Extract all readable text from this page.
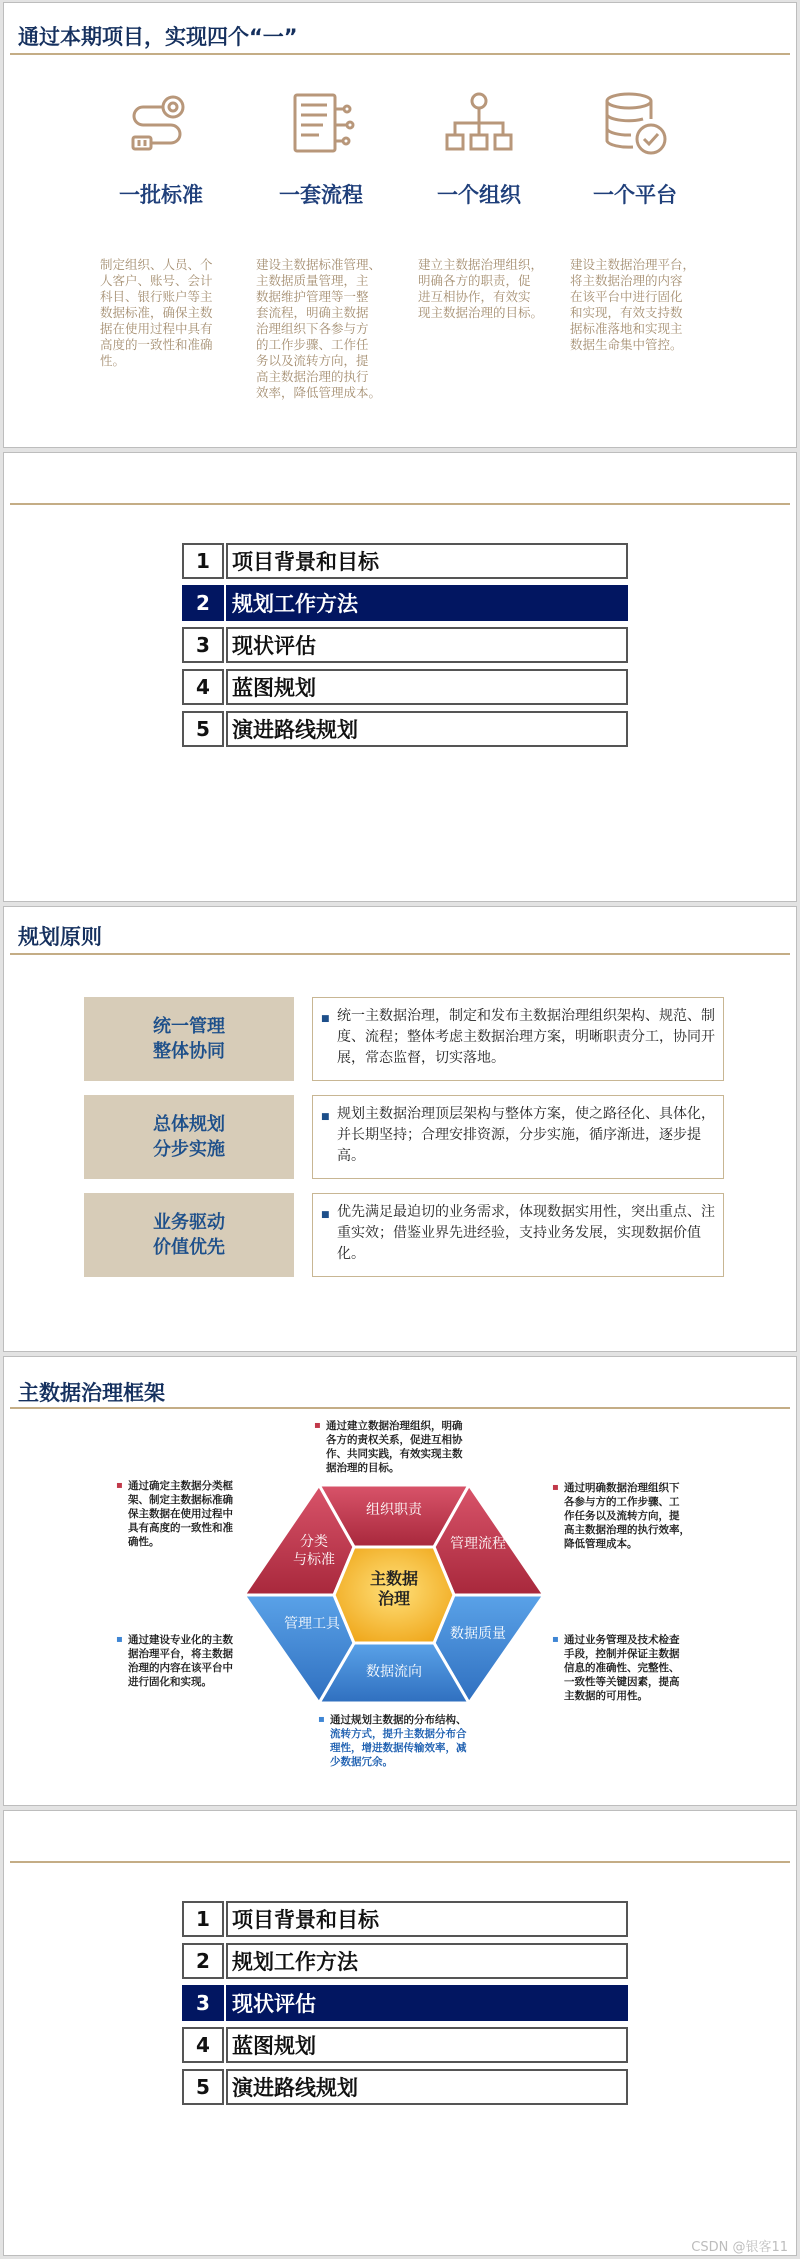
通过本期项目，实现四个“一”
一批标准	一套流程	一个组织	一个平台
制定组织、人员、个
人客户、账号、会计
科目、银行账户等主
数据标准，确保主数
据在使用过程中具有
高度的一致性和准确
性。
建设主数据标准管理、
主数据质量管理，主
数据维护管理等一整
套流程，明确主数据
治理组织下各参与方
的工作步骤、工作任
务以及流转方向，提
高主数据治理的执行
效率，降低管理成本。
建立主数据治理组织，
明确各方的职责，促
进互相协作，有效实
现主数据治理的目标。
建设主数据治理平台，
将主数据治理的内容
在该平台中进行固化
和实现，有效支持数
据标准落地和实现主
数据生命集中管控。
1	项目背景和目标
2	规划工作方法
3	现状评估
4	蓝图规划
5	演进路线规划
规划原则
统一管理
整体协同
■ 统一主数据治理，制定和发布主数据治理组织架构、规范、制度、流程；整体考虑主数据治理方案，明晰职责分工，协同开展，常态监督，切实落地。
总体规划
分步实施
■ 规划主数据治理顶层架构与整体方案，使之路径化、具体化，并长期坚持；合理安排资源，分步实施，循序渐进，逐步提高。
业务驱动
价值优先
■ 优先满足最迫切的业务需求，体现数据实用性，突出重点、注重实效；借鉴业界先进经验，支持业务发展，实现数据价值化。
主数据治理框架
主数据
治理
组织职责
管理流程
数据质量
数据流向
管理工具
分类
与标准
▪ 通过建立数据治理组织，明确
各方的责权关系，促进互相协
作、共同实践，有效实现主数
据治理的目标。
▪ 通过确定主数据分类框
架、制定主数据标准确
保主数据在使用过程中
具有高度的一致性和准
确性。
▪ 通过明确数据治理组织下
各参与方的工作步骤、工
作任务以及流转方向，提
高主数据治理的执行效率，
降低管理成本。
▪ 通过建设专业化的主数
据治理平台，将主数据
治理的内容在该平台中
进行固化和实现。
▪ 通过业务管理及技术检查
手段，控制并保证主数据
信息的准确性、完整性、
一致性等关键因素，提高
主数据的可用性。
▪ 通过规划主数据的分布结构、
流转方式，提升主数据分布合
理性，增进数据传输效率，减
少数据冗余。
1	项目背景和目标
2	规划工作方法
3	现状评估
4	蓝图规划
5	演进路线规划
CSDN @银客11
